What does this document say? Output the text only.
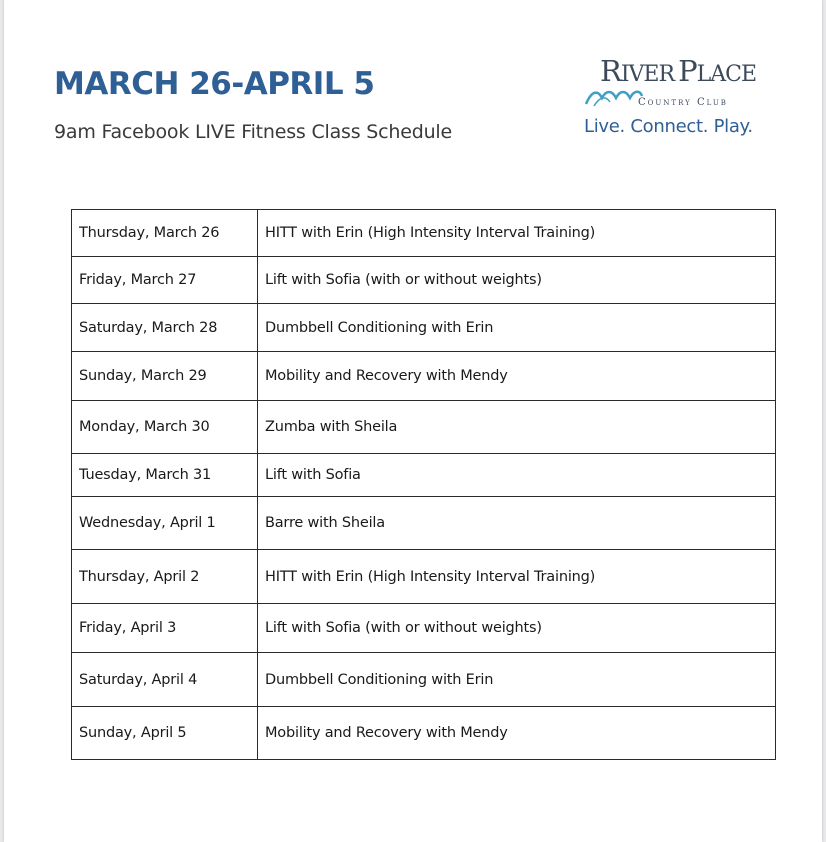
MARCH 26-APRIL 5
9am Facebook LIVE Fitness Class Schedule
RIVER PLACE
Country Club
Live. Connect. Play.
Thursday, March 26	HITT with Erin (High Intensity Interval Training)
Friday, March 27	Lift with Sofia (with or without weights)
Saturday, March 28	Dumbbell Conditioning with Erin
Sunday, March 29	Mobility and Recovery with Mendy
Monday, March 30	Zumba with Sheila
Tuesday, March 31	Lift with Sofia
Wednesday, April 1	Barre with Sheila
Thursday, April 2	HITT with Erin (High Intensity Interval Training)
Friday, April 3	Lift with Sofia (with or without weights)
Saturday, April 4	Dumbbell Conditioning with Erin
Sunday, April 5	Mobility and Recovery with Mendy
